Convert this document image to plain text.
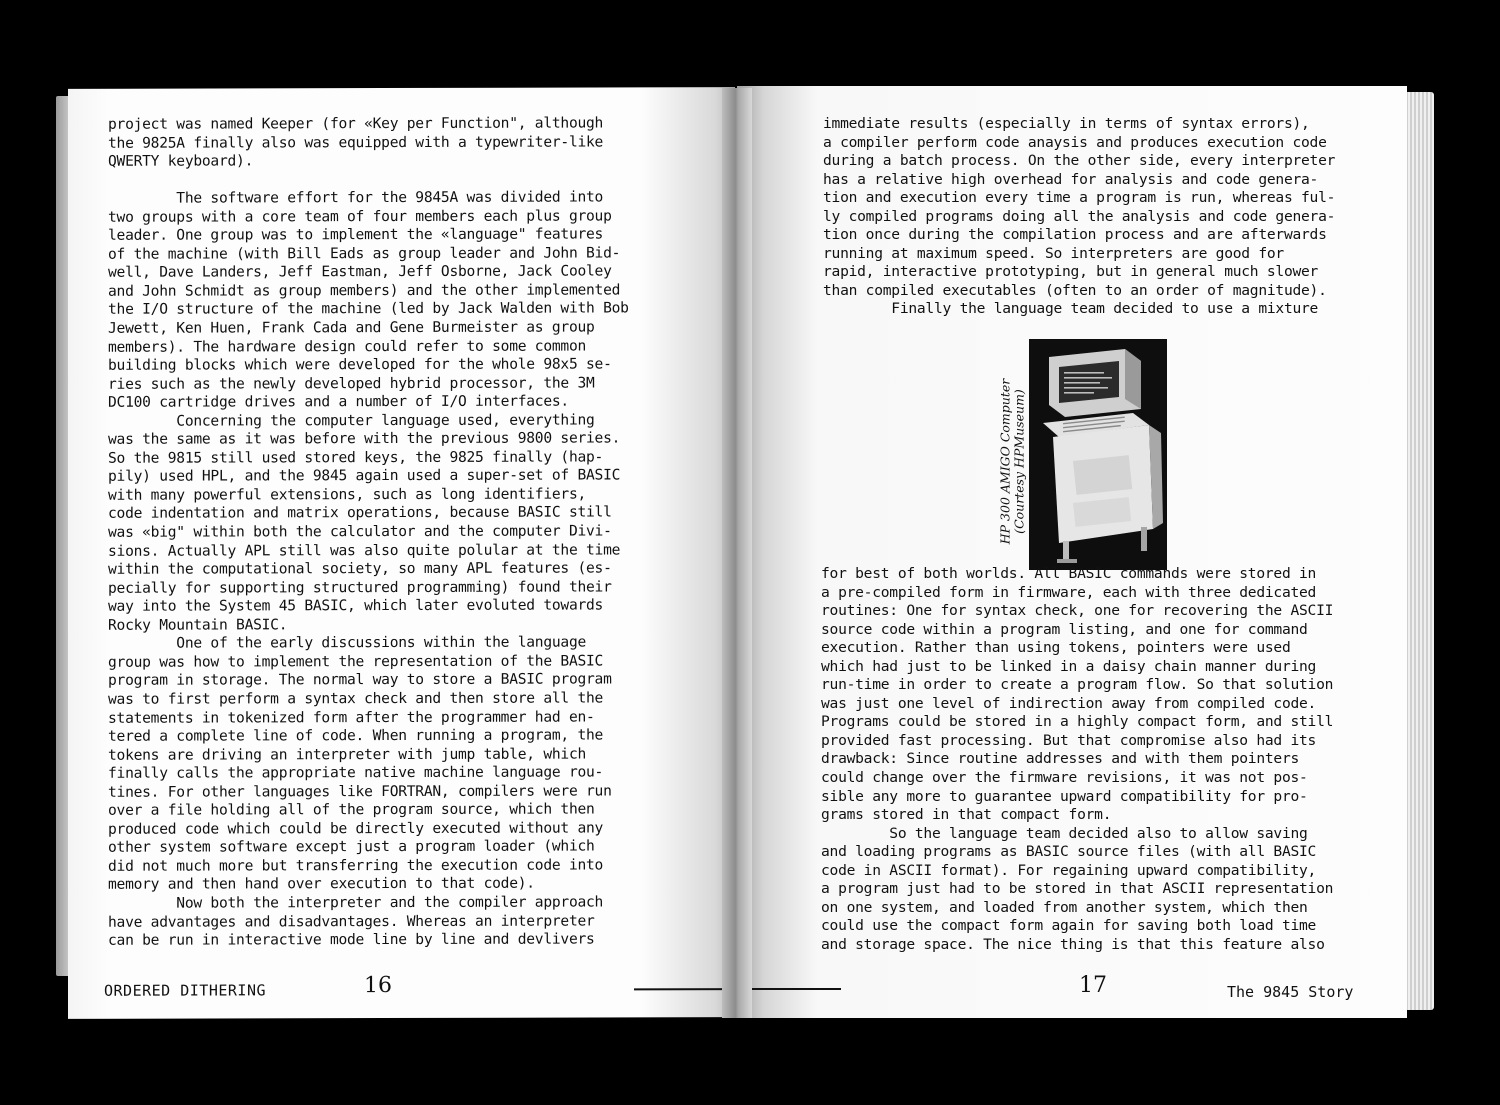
project was named Keeper (for «Key per Function", although
the 9825A finally also was equipped with a typewriter-like
QWERTY keyboard).

The software effort for the 9845A was divided into
two groups with a core team of four members each plus group
leader. One group was to implement the «language" features
of the machine (with Bill Eads as group leader and John Bid-
well, Dave Landers, Jeff Eastman, Jeff Osborne, Jack Cooley
and John Schmidt as group members) and the other implemented
the I/O structure of the machine (led by Jack Walden with Bob
Jewett, Ken Huen, Frank Cada and Gene Burmeister as group
members). The hardware design could refer to some common
building blocks which were developed for the whole 98x5 se-
ries such as the newly developed hybrid processor, the 3M
DC100 cartridge drives and a number of I/O interfaces.
Concerning the computer language used, everything
was the same as it was before with the previous 9800 series.
So the 9815 still used stored keys, the 9825 finally (hap-
pily) used HPL, and the 9845 again used a super-set of BASIC
with many powerful extensions, such as long identifiers,
code indentation and matrix operations, because BASIC still
was «big" within both the calculator and the computer Divi-
sions. Actually APL still was also quite polular at the time
within the computational society, so many APL features (es-
pecially for supporting structured programming) found their
way into the System 45 BASIC, which later evoluted towards
Rocky Mountain BASIC.
One of the early discussions within the language
group was how to implement the representation of the BASIC
program in storage. The normal way to store a BASIC program
was to first perform a syntax check and then store all the
statements in tokenized form after the programmer had en-
tered a complete line of code. When running a program, the
tokens are driving an interpreter with jump table, which
finally calls the appropriate native machine language rou-
tines. For other languages like FORTRAN, compilers were run
over a file holding all of the program source, which then
produced code which could be directly executed without any
other system software except just a program loader (which
did not much more but transferring the execution code into
memory and then hand over execution to that code).
Now both the interpreter and the compiler approach
have advantages and disadvantages. Whereas an interpreter
can be run in interactive mode line by line and devlivers
ORDERED DITHERING	16
immediate results (especially in terms of syntax errors),
a compiler perform code anaysis and produces execution code
during a batch process. On the other side, every interpreter
has a relative high overhead for analysis and code genera-
tion and execution every time a program is run, whereas ful-
ly compiled programs doing all the analysis and code genera-
tion once during the compilation process and are afterwards
running at maximum speed. So interpreters are good for
rapid, interactive prototyping, but in general much slower
than compiled executables (often to an order of magnitude).
Finally the language team decided to use a mixture
HP 300 AMIGO Computer (Courtesy HPMuseum)
for best of both worlds. All BASIC commands were stored in
a pre-compiled form in firmware, each with three dedicated
routines: One for syntax check, one for recovering the ASCII
source code within a program listing, and one for command
execution. Rather than using tokens, pointers were used
which had just to be linked in a daisy chain manner during
run-time in order to create a program flow. So that solution
was just one level of indirection away from compiled code.
Programs could be stored in a highly compact form, and still
provided fast processing. But that compromise also had its
drawback: Since routine addresses and with them pointers
could change over the firmware revisions, it was not pos-
sible any more to guarantee upward compatibility for pro-
grams stored in that compact form.
So the language team decided also to allow saving
and loading programs as BASIC source files (with all BASIC
code in ASCII format). For regaining upward compatibility,
a program just had to be stored in that ASCII representation
on one system, and loaded from another system, which then
could use the compact form again for saving both load time
and storage space. The nice thing is that this feature also
17	The 9845 Story
